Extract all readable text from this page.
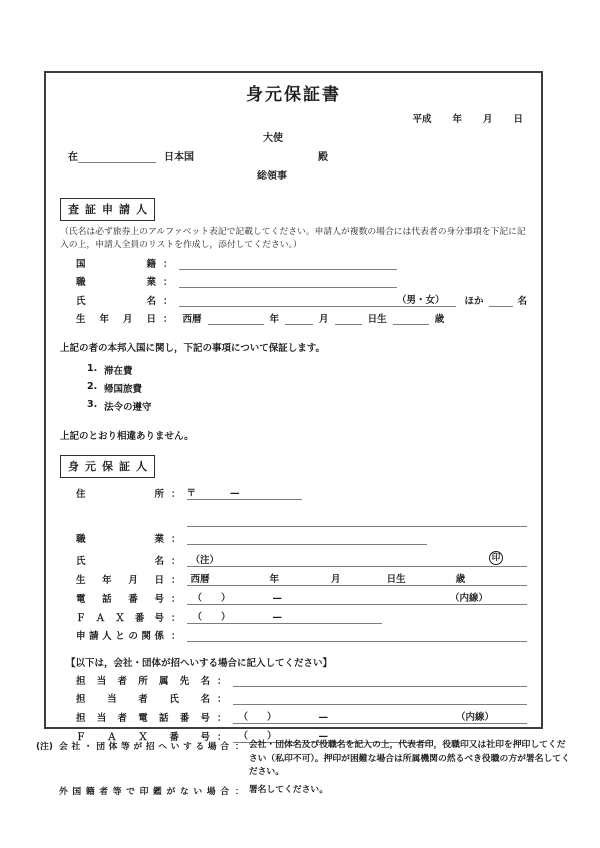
身元保証書
平成 年 月 日
大使
在	日本国	殿
総領事
査証申請人

（氏名は必ず旅券上のアルファベット表記で記載してください。申請人が複数の場合には代表者の身分事項を下記に記入の上，申請人全員のリストを作成し，添付してください。）

国籍 ：
職業 ：
氏名 ：	（男・女）	ほか	名
生年月日 ： 西暦	年	月	日生	歳

上記の者の本邦入国に関し，下記の事項について保証します。

1. 滞在費
2. 帰国旅費
3. 法令の遵守

上記のとおり相違ありません。

身元保証人
住所 ： 〒	—
職業 ：
氏名 ： （注）	印
生年月日 ： 西暦	年	月	日生	歳
電話番号 ： （　　）	—	（内線）
ＦＡＸ番号 ： （　　）	—
申請人との関係 ：

【以下は，会社・団体が招へいする場合に記入してください】

担当者所属先名 ：
担当者氏名 ：
担当者電話番号 ： （　　）	—	（内線）
ＦＡＸ番号 ： （　　）	—
(注) 会社・団体等が招へいする場合 ： 会社・団体名及び役職名を記入の上，代表者印，役職印又は社印を押印してください（私印不可）。押印が困難な場合は所属機関の然るべき役職の方が署名してください。
外国籍者等で印鑑がない場合 ： 署名してください。
